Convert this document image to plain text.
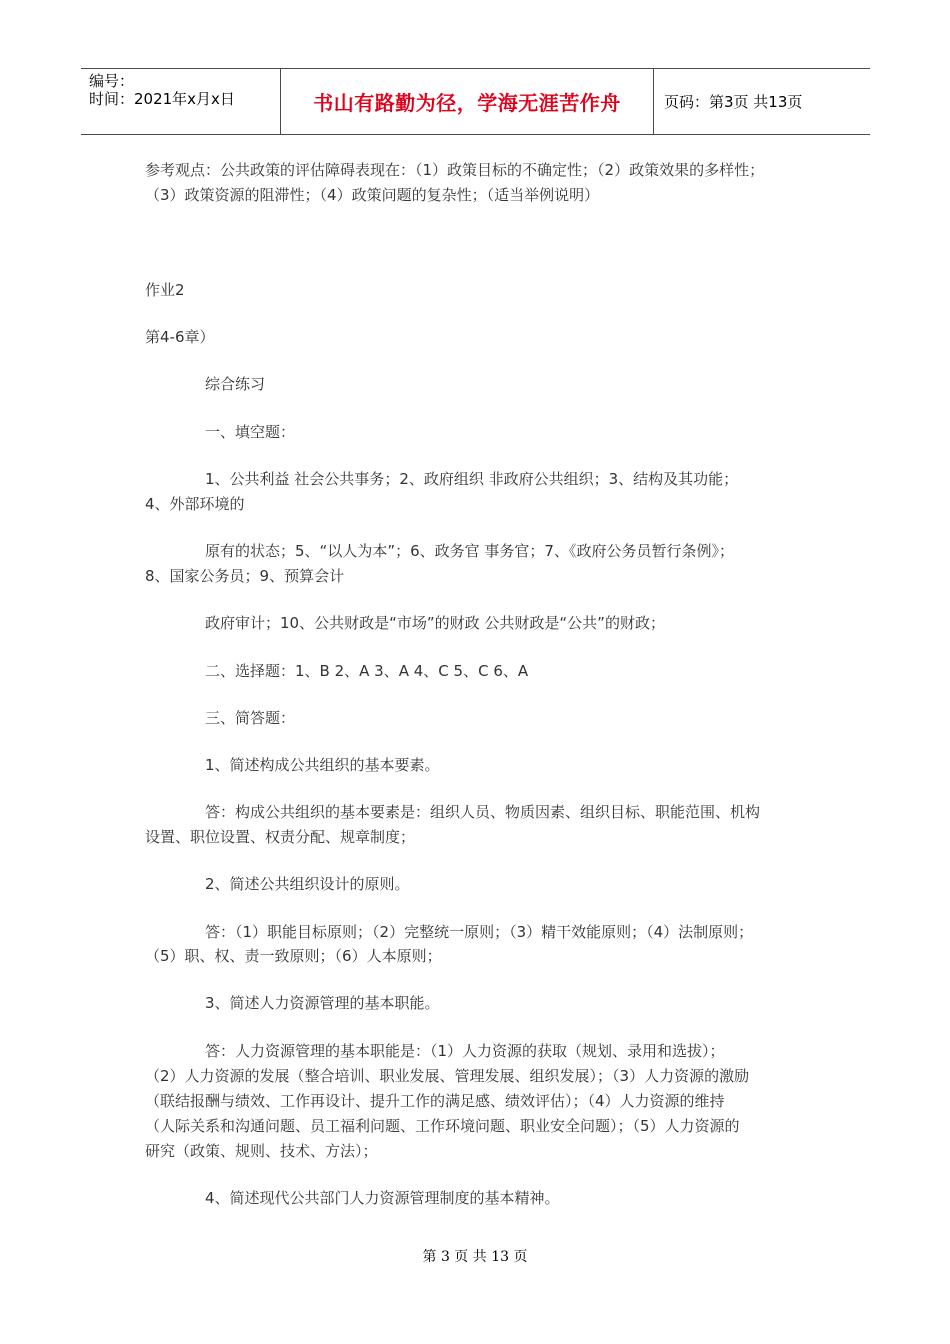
编号：
时间：2021年x月x日	书山有路勤为径，学海无涯苦作舟	页码：第3页 共13页
参考观点：公共政策的评估障碍表现在：（1）政策目标的不确定性；（2）政策效果的多样性；
（3）政策资源的阻滞性；（4）政策问题的复杂性；（适当举例说明）
作业2
第4-6章）
综合练习
一、填空题：
1、公共利益 社会公共事务；2、政府组织 非政府公共组织；3、结构及其功能；
4、外部环境的
原有的状态；5、“以人为本”；6、政务官 事务官；7、《政府公务员暂行条例》；
8、国家公务员；9、预算会计
政府审计；10、公共财政是“市场”的财政 公共财政是“公共”的财政；
二、选择题：1、B 2、A 3、A 4、C 5、C 6、A
三、简答题：
1、简述构成公共组织的基本要素。
答：构成公共组织的基本要素是：组织人员、物质因素、组织目标、职能范围、机构
设置、职位设置、权责分配、规章制度；
2、简述公共组织设计的原则。
答：（1）职能目标原则；（2）完整统一原则；（3）精干效能原则；（4）法制原则；
（5）职、权、责一致原则；（6）人本原则；
3、简述人力资源管理的基本职能。
答：人力资源管理的基本职能是：（1）人力资源的获取（规划、录用和选拔）；
（2）人力资源的发展（整合培训、职业发展、管理发展、组织发展）；（3）人力资源的激励
（联结报酬与绩效、工作再设计、提升工作的满足感、绩效评估）；（4）人力资源的维持
（人际关系和沟通问题、员工福利问题、工作环境问题、职业安全问题）；（5）人力资源的
研究（政策、规则、技术、方法）；
4、简述现代公共部门人力资源管理制度的基本精神。
第 3 页 共 13 页
